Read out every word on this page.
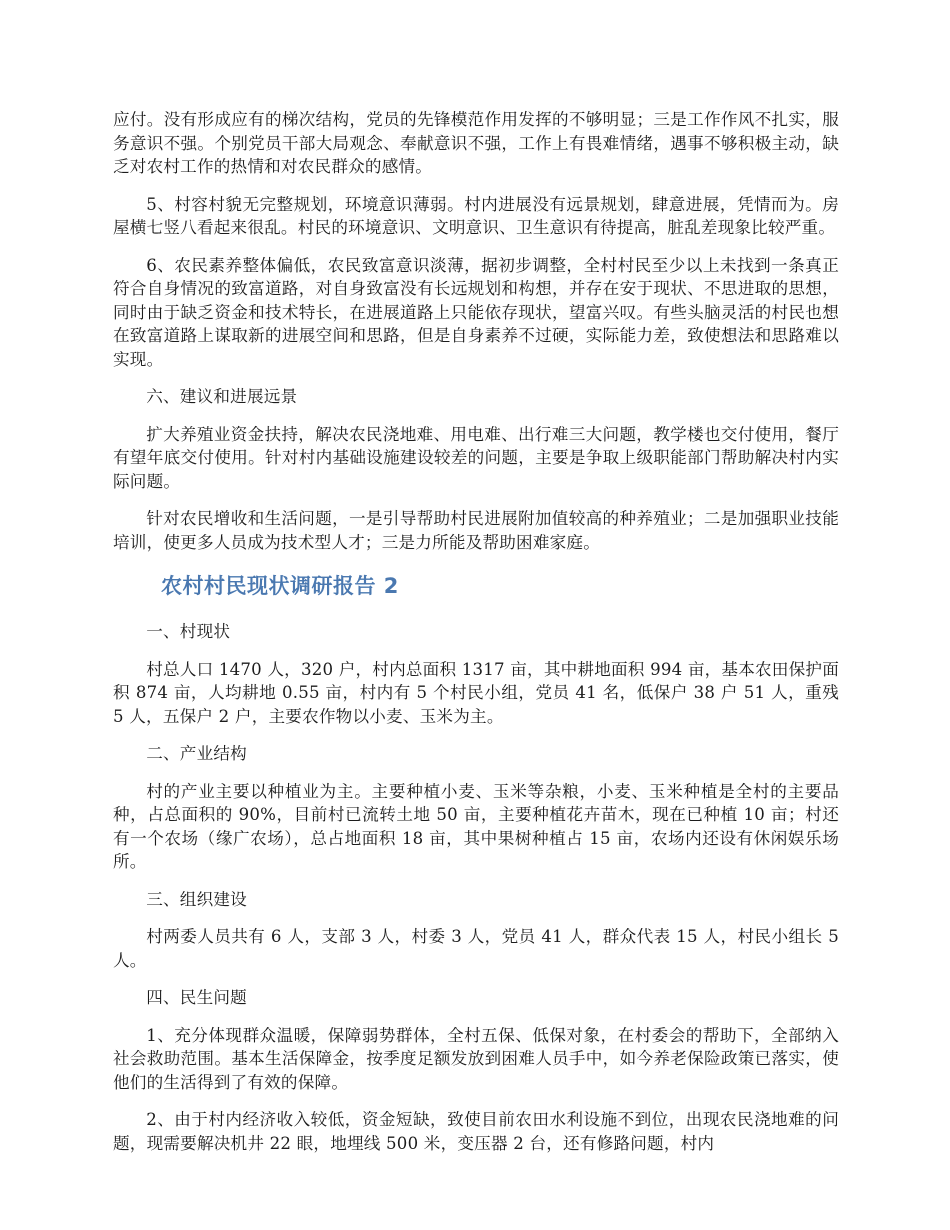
应付。没有形成应有的梯次结构，党员的先锋模范作用发挥的不够明显；三是工作作风不扎实，服务意识不强。个别党员干部大局观念、奉献意识不强，工作上有畏难情绪，遇事不够积极主动，缺乏对农村工作的热情和对农民群众的感情。

5、村容村貌无完整规划，环境意识薄弱。村内进展没有远景规划，肆意进展，凭情而为。房屋横七竖八看起来很乱。村民的环境意识、文明意识、卫生意识有待提高，脏乱差现象比较严重。

6、农民素养整体偏低，农民致富意识淡薄，据初步调整，全村村民至少以上未找到一条真正符合自身情况的致富道路，对自身致富没有长远规划和构想，并存在安于现状、不思进取的思想，同时由于缺乏资金和技术特长，在进展道路上只能依存现状，望富兴叹。有些头脑灵活的村民也想在致富道路上谋取新的进展空间和思路，但是自身素养不过硬，实际能力差，致使想法和思路难以实现。

六、建议和进展远景

扩大养殖业资金扶持，解决农民浇地难、用电难、出行难三大问题，教学楼也交付使用，餐厅有望年底交付使用。针对村内基础设施建设较差的问题，主要是争取上级职能部门帮助解决村内实际问题。

针对农民增收和生活问题，一是引导帮助村民进展附加值较高的种养殖业；二是加强职业技能培训，使更多人员成为技术型人才；三是力所能及帮助困难家庭。

农村村民现状调研报告 2

一、村现状

村总人口 1470 人，320 户，村内总面积 1317 亩，其中耕地面积 994 亩，基本农田保护面积 874 亩，人均耕地 0.55 亩，村内有 5 个村民小组，党员 41 名，低保户 38 户 51 人，重残 5 人，五保户 2 户，主要农作物以小麦、玉米为主。

二、产业结构

村的产业主要以种植业为主。主要种植小麦、玉米等杂粮，小麦、玉米种植是全村的主要品种，占总面积的 90%，目前村已流转土地 50 亩，主要种植花卉苗木，现在已种植 10 亩；村还有一个农场（缘广农场），总占地面积 18 亩，其中果树种植占 15 亩，农场内还设有休闲娱乐场所。

三、组织建设

村两委人员共有 6 人，支部 3 人，村委 3 人，党员 41 人，群众代表 15 人，村民小组长 5 人。

四、民生问题

1、充分体现群众温暖，保障弱势群体，全村五保、低保对象，在村委会的帮助下，全部纳入社会救助范围。基本生活保障金，按季度足额发放到困难人员手中，如今养老保险政策已落实，使他们的生活得到了有效的保障。

2、由于村内经济收入较低，资金短缺，致使目前农田水利设施不到位，出现农民浇地难的问题，现需要解决机井 22 眼，地埋线 500 米，变压器 2 台，还有修路问题，村内
